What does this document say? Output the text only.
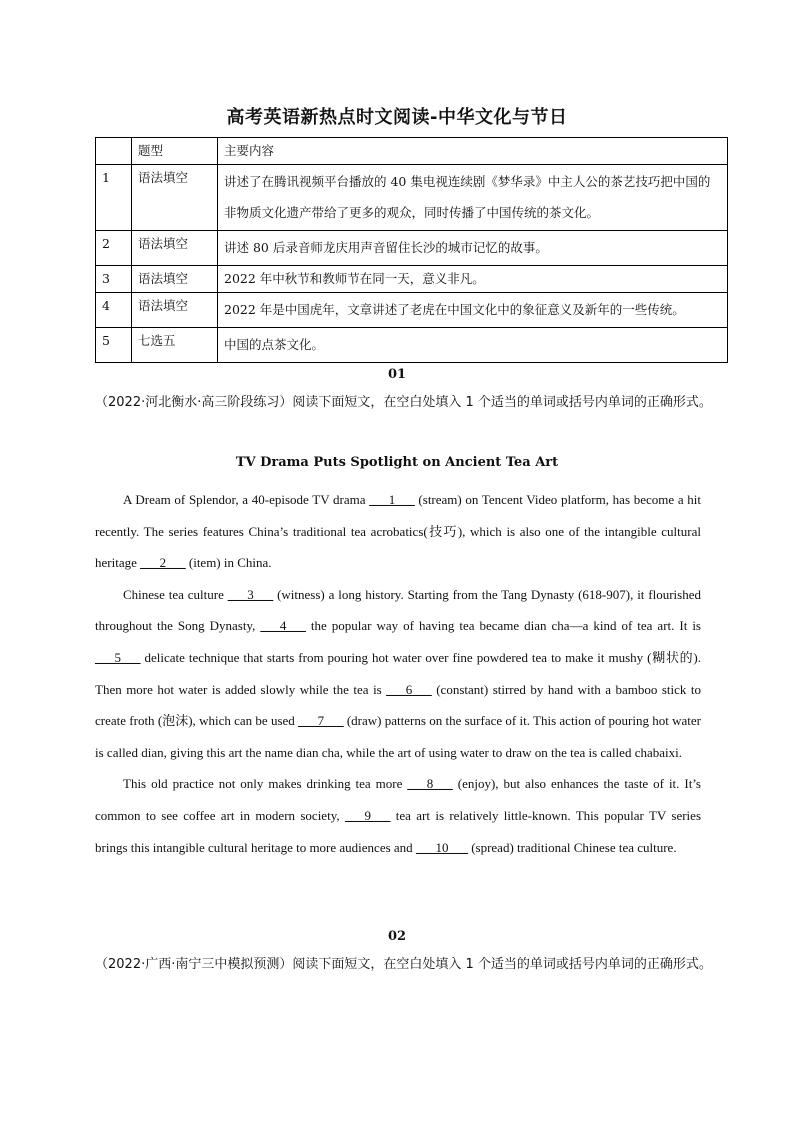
高考英语新热点时文阅读-中华文化与节日
	题型	主要内容
1	语法填空	讲述了在腾讯视频平台播放的 40 集电视连续剧《梦华录》中主人公的茶艺技巧把中国的非物质文化遗产带给了更多的观众，同时传播了中国传统的茶文化。
2	语法填空	讲述 80 后录音师龙庆用声音留住长沙的城市记忆的故事。
3	语法填空	2022 年中秋节和教师节在同一天，意义非凡。
4	语法填空	2022 年是中国虎年，文章讲述了老虎在中国文化中的象征意义及新年的一些传统。
5	七选五	中国的点茶文化。
01
（2022·河北衡水·高三阶段练习）阅读下面短文，在空白处填入 1 个适当的单词或括号内单词的正确形式。
TV Drama Puts Spotlight on Ancient Tea Art

A Dream of Splendor, a 40-episode TV drama ___1___ (stream) on Tencent Video platform, has become a hit recently. The series features China’s traditional tea acrobatics(技巧), which is also one of the intangible cultural heritage ___2___ (item) in China.

Chinese tea culture ___3___ (witness) a long history. Starting from the Tang Dynasty (618-907), it flourished throughout the Song Dynasty, ___4___ the popular way of having tea became dian cha—a kind of tea art. It is ___5___ delicate technique that starts from pouring hot water over fine powdered tea to make it mushy (糊状的). Then more hot water is added slowly while the tea is ___6___ (constant) stirred by hand with a bamboo stick to create froth (泡沫), which can be used ___7___ (draw) patterns on the surface of it. This action of pouring hot water is called dian, giving this art the name dian cha, while the art of using water to draw on the tea is called chabaixi.

This old practice not only makes drinking tea more ___8___ (enjoy), but also enhances the taste of it. It’s common to see coffee art in modern society, ___9___ tea art is relatively little-known. This popular TV series brings this intangible cultural heritage to more audiences and ___10___ (spread) traditional Chinese tea culture.

02
（2022·广西·南宁三中模拟预测）阅读下面短文，在空白处填入 1 个适当的单词或括号内单词的正确形式。
